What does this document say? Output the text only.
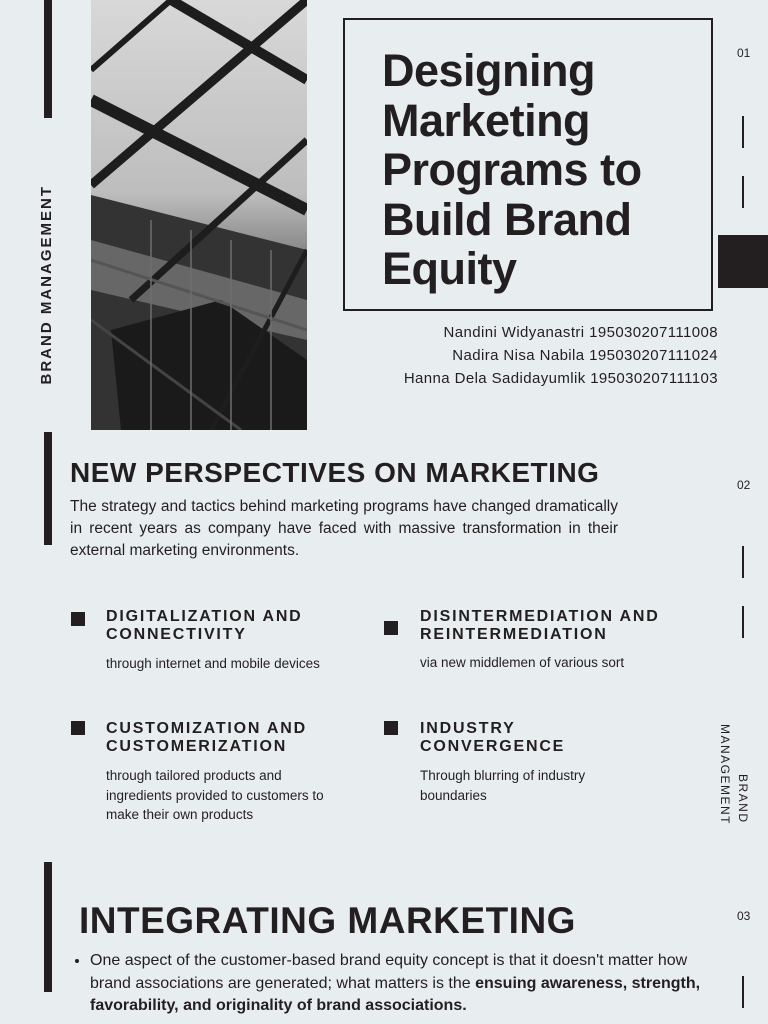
BRAND MANAGEMENT
Designing Marketing Programs to Build Brand Equity
01
Nandini Widyanastri 195030207111008
Nadira Nisa Nabila 195030207111024
Hanna Dela Sadidayumlik 195030207111103
NEW PERSPECTIVES ON MARKETING	02
The strategy and tactics behind marketing programs have changed dramatically in recent years as company have faced with massive transformation in their external marketing environments.
DIGITALIZATION AND CONNECTIVITY
through internet and mobile devices
DISINTERMEDIATION AND REINTERMEDIATION
via new middlemen of various sort
CUSTOMIZATION AND CUSTOMERIZATION
through tailored products and ingredients provided to customers to make their own products
INDUSTRY CONVERGENCE
Through blurring of industry boundaries	BRAND MANAGEMENT
INTEGRATING MARKETING	03
• One aspect of the customer-based brand equity concept is that it doesn't matter how brand associations are generated; what matters is the ensuing awareness, strength, favorability, and originality of brand associations.
